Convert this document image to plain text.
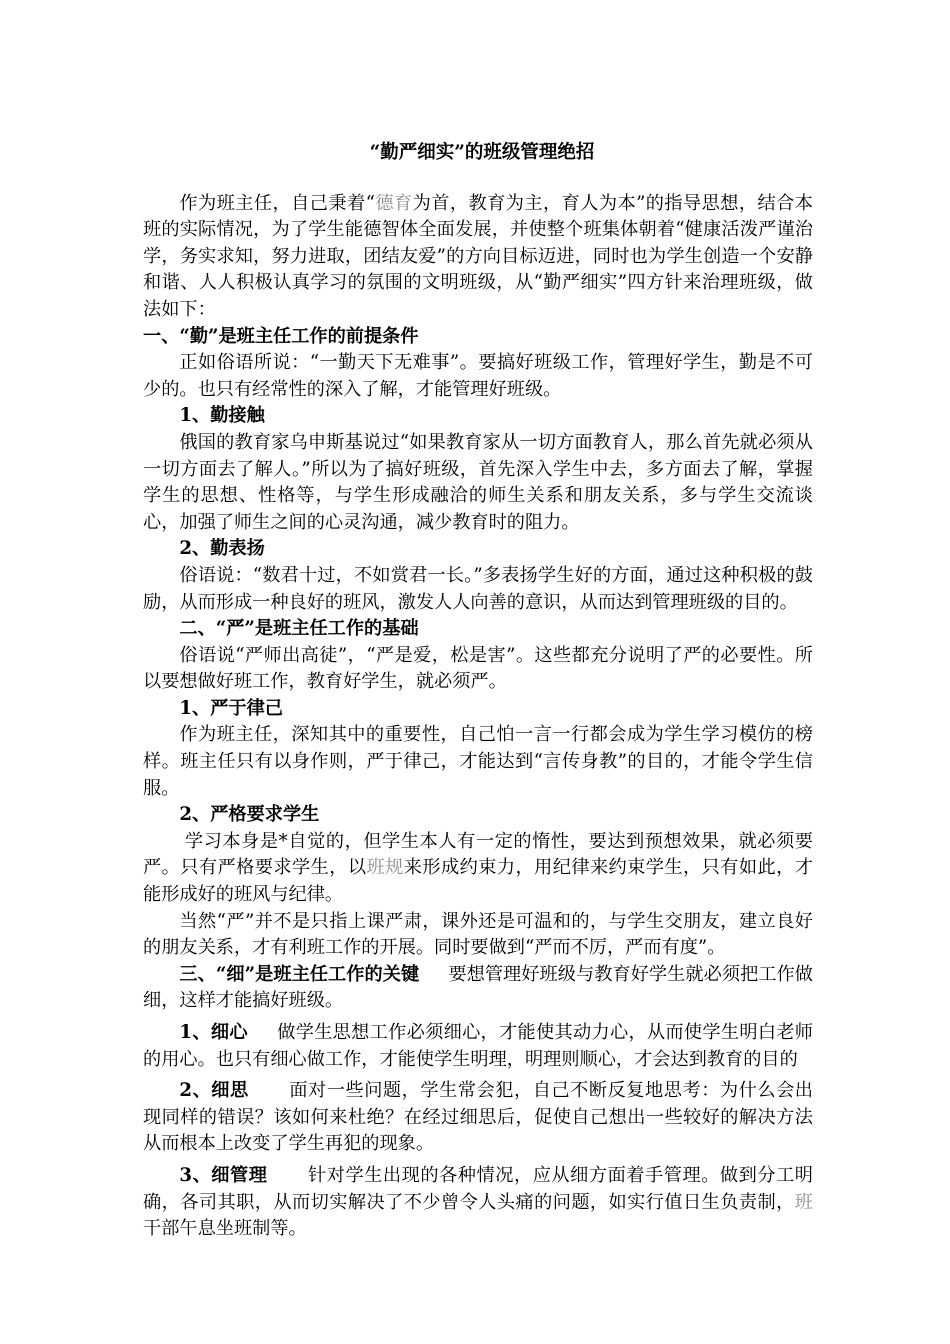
“勤严细实”的班级管理绝招

作为班主任，自己秉着“德育为首，教育为主，育人为本”的指导思想，结合本班的实际情况，为了学生能德智体全面发展，并使整个班集体朝着“健康活泼严谨治学，务实求知，努力进取，团结友爱”的方向目标迈进，同时也为学生创造一个安静和谐、人人积极认真学习的氛围的文明班级，从“勤严细实”四方针来治理班级，做法如下：

一、“勤”是班主任工作的前提条件

正如俗语所说：“一勤天下无难事”。要搞好班级工作，管理好学生，勤是不可少的。也只有经常性的深入了解，才能管理好班级。

1、勤接触

俄国的教育家乌申斯基说过“如果教育家从一切方面教育人，那么首先就必须从一切方面去了解人。”所以为了搞好班级，首先深入学生中去，多方面去了解，掌握学生的思想、性格等，与学生形成融洽的师生关系和朋友关系，多与学生交流谈心，加强了师生之间的心灵沟通，减少教育时的阻力。

2、勤表扬

俗语说：“数君十过，不如赏君一长。”多表扬学生好的方面，通过这种积极的鼓励，从而形成一种良好的班风，激发人人向善的意识，从而达到管理班级的目的。

二、“严”是班主任工作的基础

俗语说“严师出高徒”，“严是爱，松是害”。这些都充分说明了严的必要性。所以要想做好班工作，教育好学生，就必须严。

1、严于律己

作为班主任，深知其中的重要性，自己怕一言一行都会成为学生学习模仿的榜样。班主任只有以身作则，严于律己，才能达到“言传身教”的目的，才能令学生信服。

2、严格要求学生

学习本身是*自觉的，但学生本人有一定的惰性，要达到预想效果，就必须要严。只有严格要求学生，以班规来形成约束力，用纪律来约束学生，只有如此，才能形成好的班风与纪律。

当然“严”并不是只指上课严肃，课外还是可温和的，与学生交朋友，建立良好的朋友关系，才有利班工作的开展。同时要做到“严而不厉，严而有度”。

三、“细”是班主任工作的关键 要想管理好班级与教育好学生就必须把工作做细，这样才能搞好班级。

1、细心 做学生思想工作必须细心，才能使其动力心，从而使学生明白老师的用心。也只有细心做工作，才能使学生明理，明理则顺心，才会达到教育的目的

2、细思 面对一些问题，学生常会犯，自己不断反复地思考：为什么会出现同样的错误？该如何来杜绝？在经过细思后，促使自己想出一些较好的解决方法从而根本上改变了学生再犯的现象。

3、细管理 针对学生出现的各种情况，应从细方面着手管理。做到分工明确，各司其职，从而切实解决了不少曾令人头痛的问题，如实行值日生负责制，班干部午息坐班制等。
